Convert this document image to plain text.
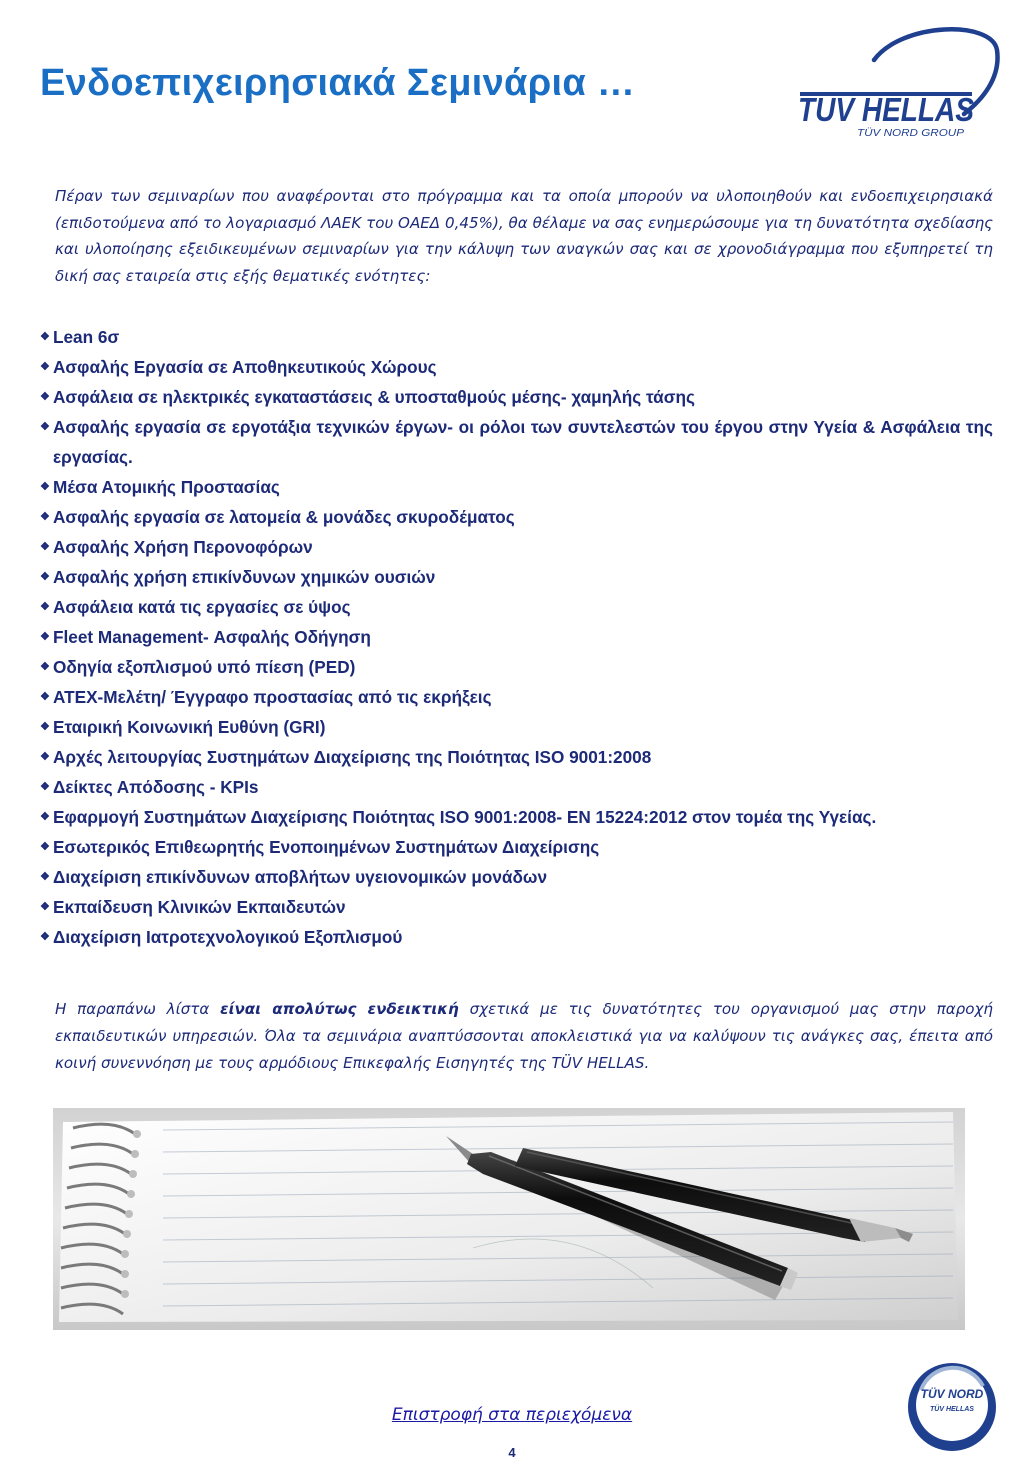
Ενδοεπιχειρησιακά Σεμινάρια …
TÜV HELLAS
TÜV NORD GROUP

Πέραν των σεμιναρίων που αναφέρονται στο πρόγραμμα και τα οποία μπορούν να υλοποιηθούν και ενδοεπιχειρησιακά (επιδοτούμενα από το λογαριασμό ΛΑΕΚ του ΟΑΕΔ 0,45%), θα θέλαμε να σας ενημερώσουμε για τη δυνατότητα σχεδίασης και υλοποίησης εξειδικευμένων σεμιναρίων για την κάλυψη των αναγκών σας και σε χρονοδιάγραμμα που εξυπηρετεί τη δική σας εταιρεία στις εξής θεματικές ενότητες:

❖ Lean 6σ
❖ Ασφαλής Εργασία σε Αποθηκευτικούς Χώρους
❖ Ασφάλεια σε ηλεκτρικές εγκαταστάσεις & υποσταθμούς μέσης- χαμηλής τάσης
❖ Ασφαλής εργασία σε εργοτάξια τεχνικών έργων- οι ρόλοι των συντελεστών του έργου στην Υγεία & Ασφάλεια της εργασίας.
❖ Μέσα Ατομικής Προστασίας
❖ Ασφαλής εργασία σε λατομεία & μονάδες σκυροδέματος
❖ Ασφαλής Χρήση Περονοφόρων
❖ Ασφαλής χρήση επικίνδυνων χημικών ουσιών
❖ Ασφάλεια κατά τις εργασίες σε ύψος
❖ Fleet Management- Ασφαλής Οδήγηση
❖ Οδηγία εξοπλισμού υπό πίεση (PED)
❖ ATEX-Μελέτη/ Έγγραφο προστασίας από τις εκρήξεις
❖ Εταιρική Κοινωνική Ευθύνη (GRI)
❖ Αρχές λειτουργίας Συστημάτων Διαχείρισης της Ποιότητας ISO 9001:2008
❖ Δείκτες Απόδοσης - KPIs
❖ Εφαρμογή Συστημάτων Διαχείρισης Ποιότητας ISO 9001:2008- EN 15224:2012 στον τομέα της Υγείας.
❖ Εσωτερικός Επιθεωρητής Ενοποιημένων Συστημάτων Διαχείρισης
❖ Διαχείριση επικίνδυνων αποβλήτων υγειονομικών μονάδων
❖ Εκπαίδευση Κλινικών Εκπαιδευτών
❖ Διαχείριση Ιατροτεχνολογικού Εξοπλισμού

Η παραπάνω λίστα είναι απολύτως ενδεικτική σχετικά με τις δυνατότητες του οργανισμού μας στην παροχή εκπαιδευτικών υπηρεσιών. Όλα τα σεμινάρια αναπτύσσονται αποκλειστικά για να καλύψουν τις ανάγκες σας, έπειτα από κοινή συνεννόηση με τους αρμόδιους Επικεφαλής Εισηγητές της TÜV HELLAS.

Επιστροφή στα περιεχόμενα
4
TÜV NORD
TÜV HELLAS
TRAINING
